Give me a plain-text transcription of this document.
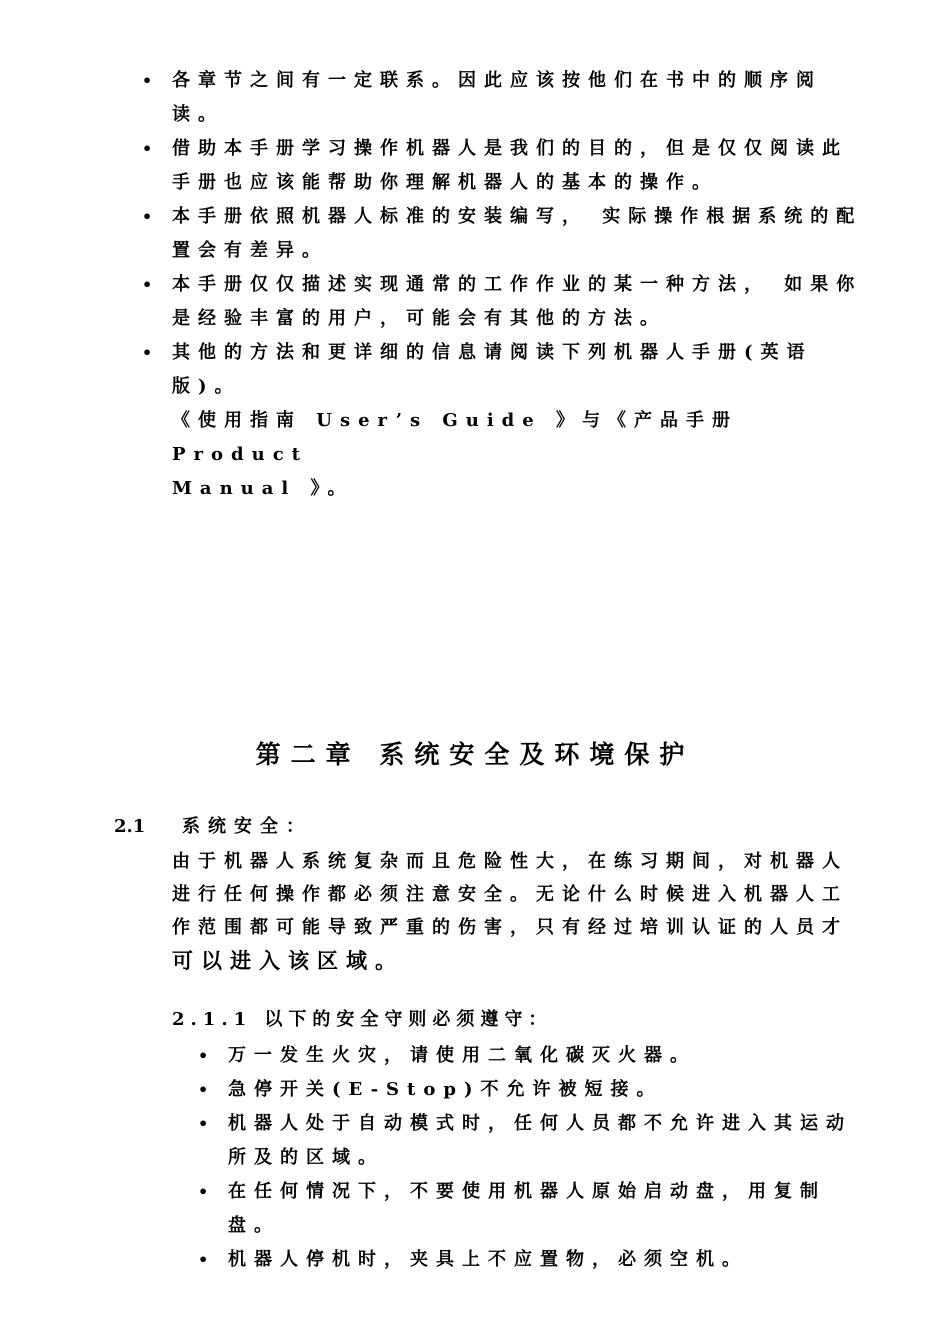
• 各章节之间有一定联系。因此应该按他们在书中的顺序阅读。
• 借助本手册学习操作机器人是我们的目的，但是仅仅阅读此
手册也应该能帮助你理解机器人的基本的操作。
• 本手册依照机器人标准的安装编写， 实际操作根据系统的配
置会有差异。
• 本手册仅仅描述实现通常的工作作业的某一种方法， 如果你
是经验丰富的用户，可能会有其他的方法。
• 其他的方法和更详细的信息请阅读下列机器人手册(英语版)。
《使用指南 User’s Guide 》与《产品手册 Product
Manual 》。
第二章 系统安全及环境保护
2.1 系统安全：
由于机器人系统复杂而且危险性大，在练习期间，对机器人
进行任何操作都必须注意安全。无论什么时候进入机器人工
作范围都可能导致严重的伤害，只有经过培训认证的人员才
可以进入该区域。
2.1.1 以下的安全守则必须遵守：
• 万一发生火灾，请使用二氧化碳灭火器。
• 急停开关(E-Stop)不允许被短接。
• 机器人处于自动模式时，任何人员都不允许进入其运动
所及的区域。
• 在任何情况下，不要使用机器人原始启动盘，用复制盘。
• 机器人停机时，夹具上不应置物，必须空机。
